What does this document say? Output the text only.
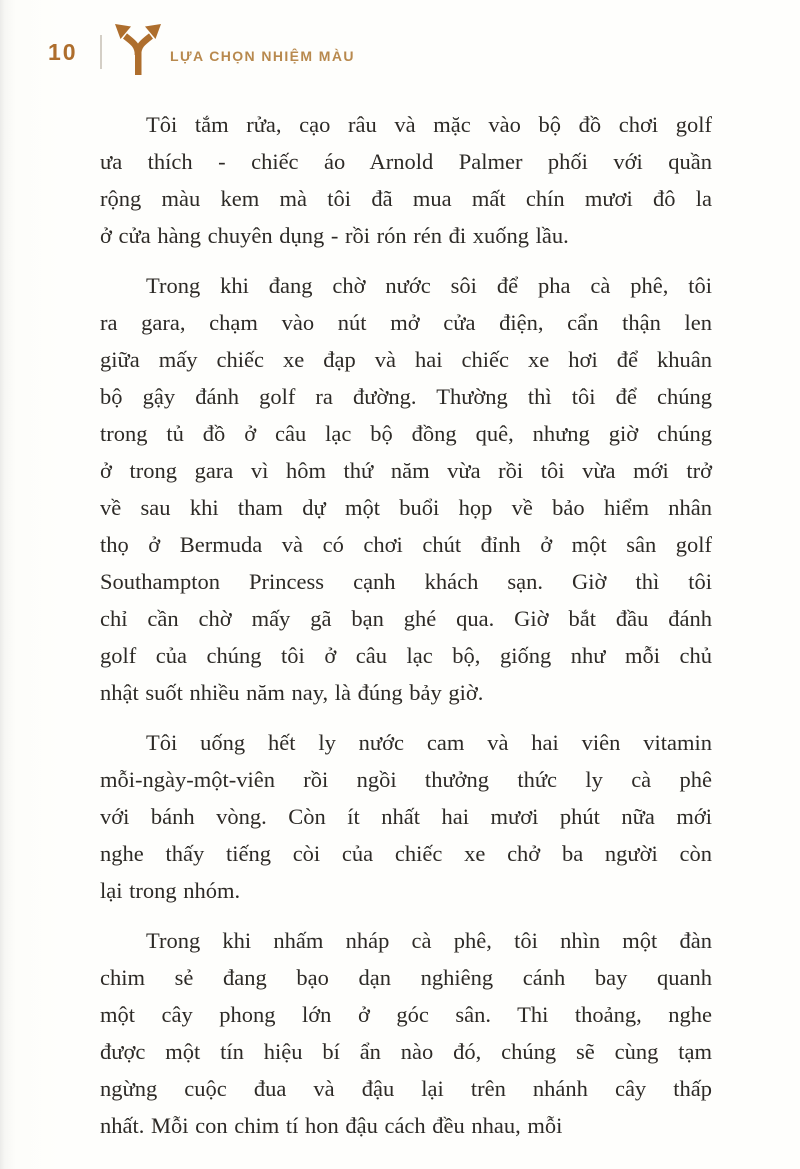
10	LỰA CHỌN NHIỆM MÀU
Tôi tắm rửa, cạo râu và mặc vào bộ đồ chơi golf
ưa thích - chiếc áo Arnold Palmer phối với quần
rộng màu kem mà tôi đã mua mất chín mươi đô la
ở cửa hàng chuyên dụng - rồi rón rén đi xuống lầu.
Trong khi đang chờ nước sôi để pha cà phê, tôi
ra gara, chạm vào nút mở cửa điện, cẩn thận len
giữa mấy chiếc xe đạp và hai chiếc xe hơi để khuân
bộ gậy đánh golf ra đường. Thường thì tôi để chúng
trong tủ đồ ở câu lạc bộ đồng quê, nhưng giờ chúng
ở trong gara vì hôm thứ năm vừa rồi tôi vừa mới trở
về sau khi tham dự một buổi họp về bảo hiểm nhân
thọ ở Bermuda và có chơi chút đỉnh ở một sân golf
Southampton Princess cạnh khách sạn. Giờ thì tôi
chỉ cần chờ mấy gã bạn ghé qua. Giờ bắt đầu đánh
golf của chúng tôi ở câu lạc bộ, giống như mỗi chủ
nhật suốt nhiều năm nay, là đúng bảy giờ.
Tôi uống hết ly nước cam và hai viên vitamin
mỗi-ngày-một-viên rồi ngồi thưởng thức ly cà phê
với bánh vòng. Còn ít nhất hai mươi phút nữa mới
nghe thấy tiếng còi của chiếc xe chở ba người còn
lại trong nhóm.
Trong khi nhấm nháp cà phê, tôi nhìn một đàn
chim sẻ đang bạo dạn nghiêng cánh bay quanh
một cây phong lớn ở góc sân. Thi thoảng, nghe
được một tín hiệu bí ẩn nào đó, chúng sẽ cùng tạm
ngừng cuộc đua và đậu lại trên nhánh cây thấp
nhất. Mỗi con chim tí hon đậu cách đều nhau, mỗi
